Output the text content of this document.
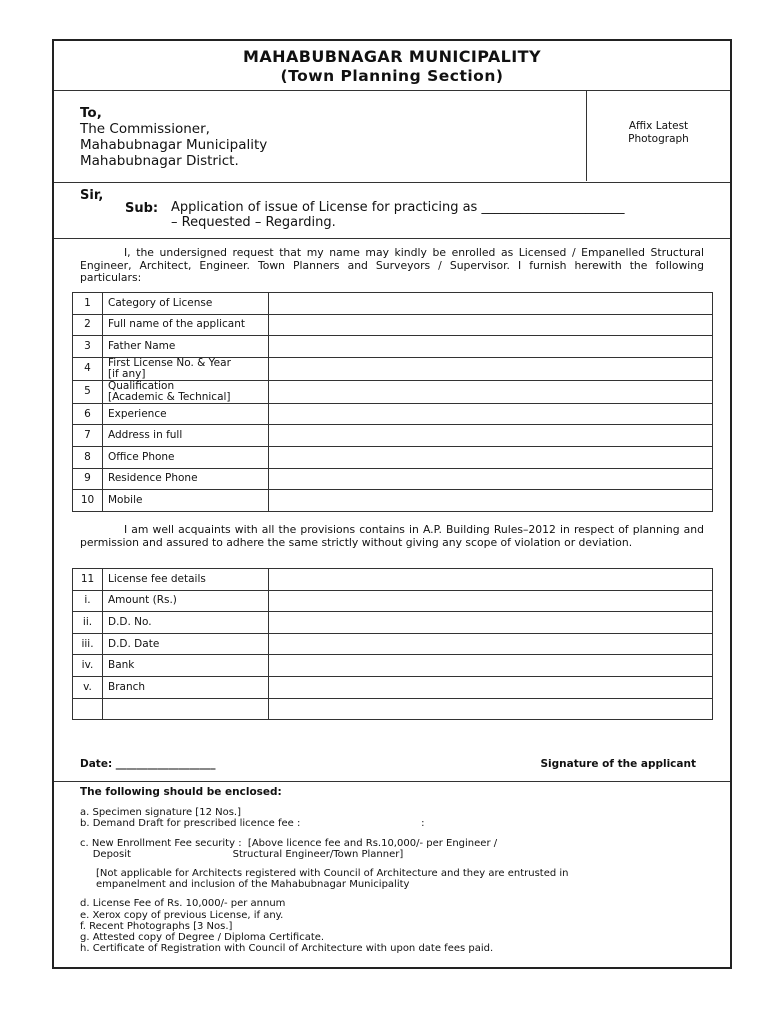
MAHABUBNAGAR MUNICIPALITY
(Town Planning Section)
To,
The Commissioner,
Mahabubnagar Municipality
Mahabubnagar District.
Affix Latest
Photograph
Sir,
Sub: Application of issue of License for practicing as ______________________
– Requested – Regarding.
I, the undersigned request that my name may kindly be enrolled as Licensed / Empanelled Structural Engineer, Architect, Engineer. Town Planners and Surveyors / Supervisor. I furnish herewith the following particulars:
1	Category of License	
2	Full name of the applicant	
3	Father Name	
4	First License No. & Year
[if any]	

5	Qualification
[Academic & Technical]	

6	Experience	
7	Address in full	
8	Office Phone	
9	Residence Phone	
10	Mobile	
I am well acquaints with all the provisions contains in A.P. Building Rules–2012 in respect of planning and permission and assured to adhere the same strictly without giving any scope of violation or deviation.
11	License fee details	
i.	Amount (Rs.)	
ii.	D.D. No.	
iii.	D.D. Date	
iv.	Bank	
v.	Branch	

Date: ___________________	Signature of the applicant
The following should be enclosed:
a. Specimen signature [12 Nos.]
b. Demand Draft for prescribed licence fee :                                      :
c. New Enrollment Fee security :  [Above licence fee and Rs.10,000/- per Engineer /
Deposit                                Structural Engineer/Town Planner]
[Not applicable for Architects registered with Council of Architecture and they are entrusted in
empanelment and inclusion of the Mahabubnagar Municipality
d. License Fee of Rs. 10,000/- per annum
e. Xerox copy of previous License, if any.
f. Recent Photographs [3 Nos.]
g. Attested copy of Degree / Diploma Certificate.
h. Certificate of Registration with Council of Architecture with upon date fees paid.
